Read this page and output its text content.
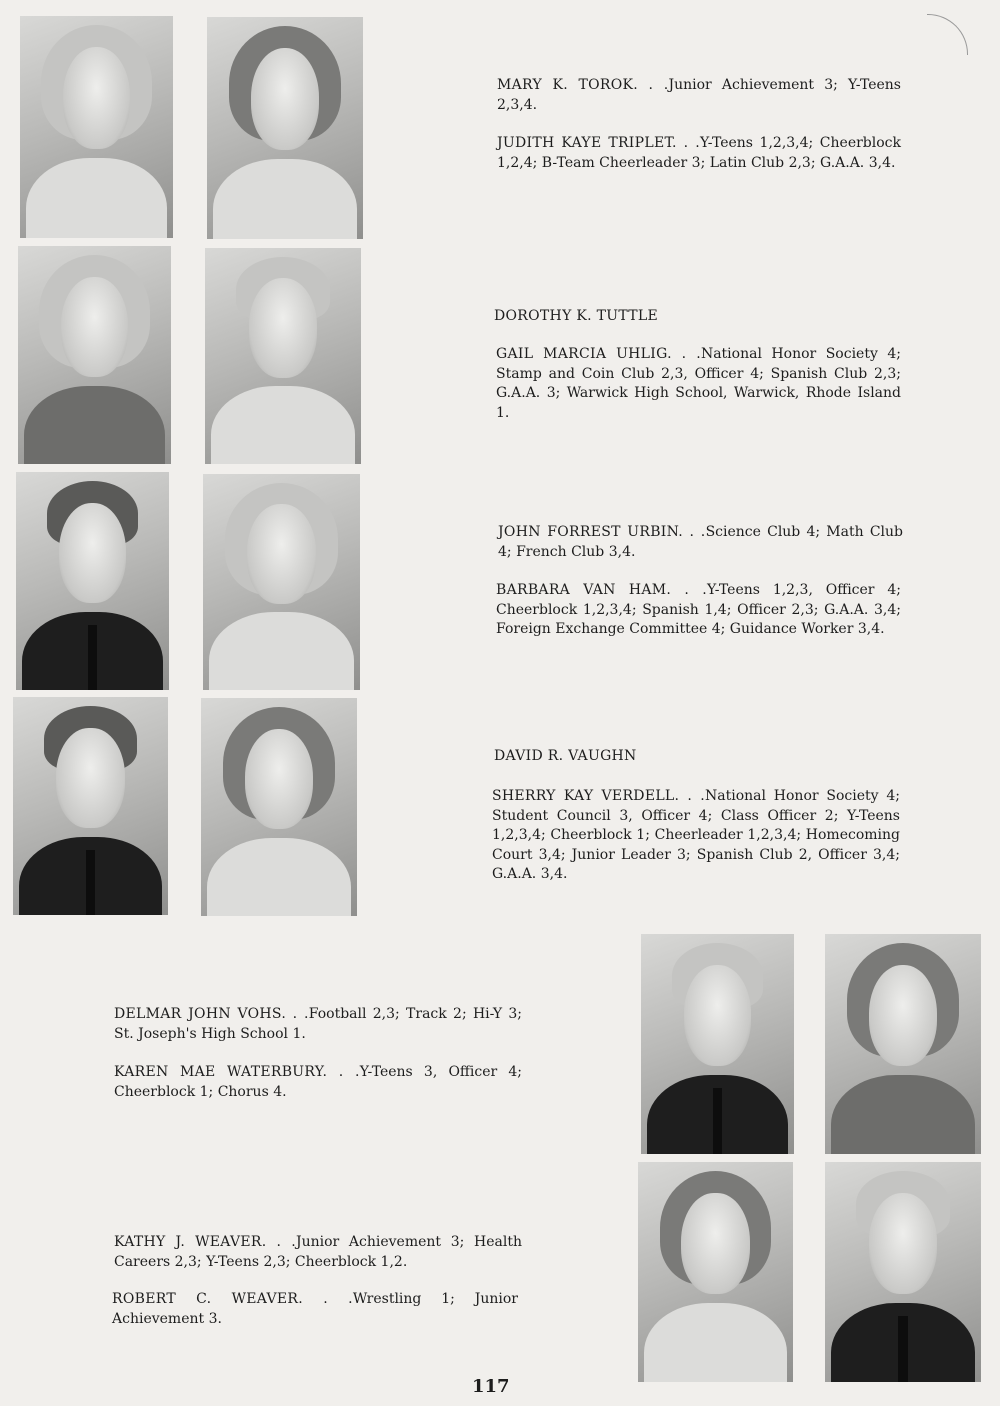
MARY K. TOROK. . .Junior Achievement 3; Y-Teens 2,3,4.

JUDITH KAYE TRIPLET. . .Y-Teens 1,2,3,4; Cheerblock 1,2,4; B-Team Cheerleader 3; Latin Club 2,3; G.A.A. 3,4.

DOROTHY K. TUTTLE

GAIL MARCIA UHLIG. . .National Honor Society 4; Stamp and Coin Club 2,3, Officer 4; Spanish Club 2,3; G.A.A. 3; Warwick High School, Warwick, Rhode Island 1.

JOHN FORREST URBIN. . .Science Club 4; Math Club 4; French Club 3,4.

BARBARA VAN HAM. . .Y-Teens 1,2,3, Officer 4; Cheerblock 1,2,3,4; Spanish 1,4; Officer 2,3; G.A.A. 3,4; Foreign Exchange Committee 4; Guidance Worker 3,4.

DAVID R. VAUGHN

SHERRY KAY VERDELL. . .National Honor Society 4; Student Council 3, Officer 4; Class Officer 2; Y-Teens 1,2,3,4; Cheerblock 1; Cheerleader 1,2,3,4; Homecoming Court 3,4; Junior Leader 3; Spanish Club 2, Officer 3,4; G.A.A. 3,4.

DELMAR JOHN VOHS. . .Football 2,3; Track 2; Hi-Y 3; St. Joseph's High School 1.

KAREN MAE WATERBURY. . .Y-Teens 3, Officer 4; Cheerblock 1; Chorus 4.

KATHY J. WEAVER. . .Junior Achievement 3; Health Careers 2,3; Y-Teens 2,3; Cheerblock 1,2.

ROBERT C. WEAVER. . .Wrestling 1; Junior Achievement 3.

117
